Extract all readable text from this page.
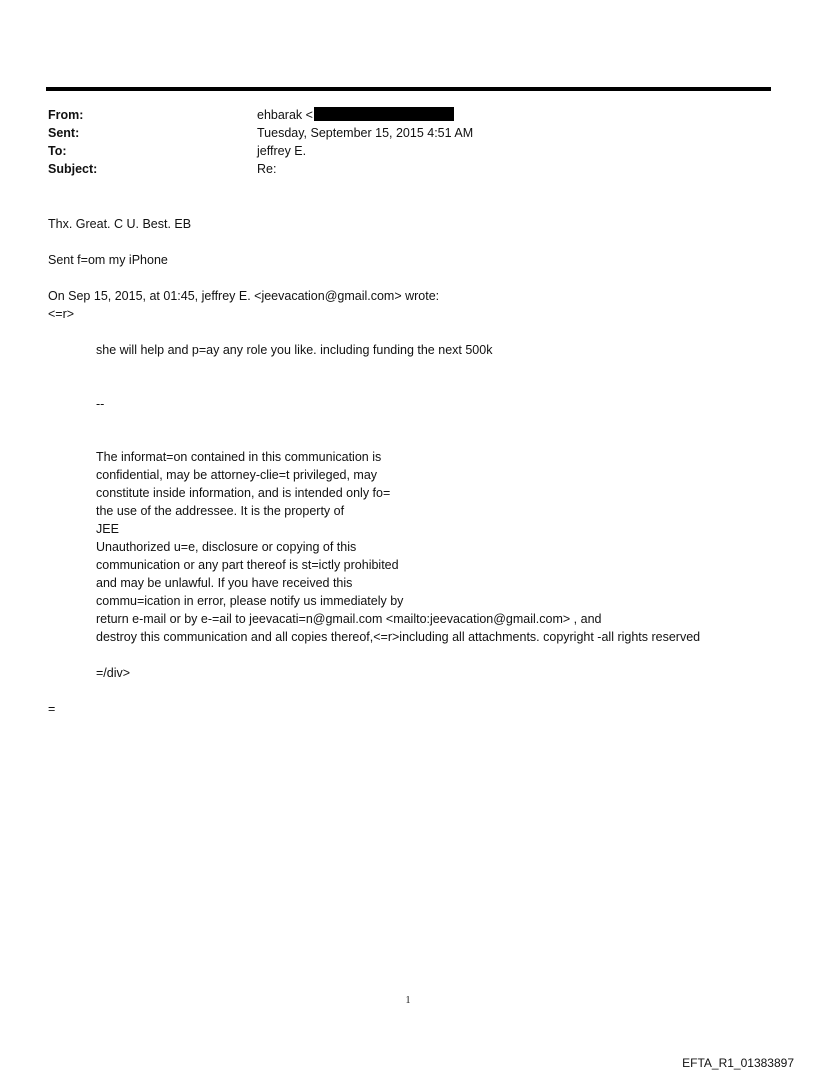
From:	ehbarak <
Sent:	Tuesday, September 15, 2015 4:51 AM
To:	jeffrey E.
Subject:	Re:
Thx. Great. C U. Best. EB
Sent f=om my iPhone
On Sep 15, 2015, at 01:45, jeffrey E. <jeevacation@gmail.com> wrote:
<=r>
she will help and p=ay any role you like. including funding the next 500k
--
The informat=on contained in this communication is
confidential, may be attorney-clie=t privileged, may
constitute inside information, and is intended only fo=
the use of the addressee. It is the property of
JEE
Unauthorized u=e, disclosure or copying of this
communication or any part thereof is st=ictly prohibited
and may be unlawful. If you have received this
commu=ication in error, please notify us immediately by
return e-mail or by e-=ail to jeevacati=n@gmail.com <mailto:jeevacation@gmail.com> , and
destroy this communication and all copies thereof,<=r>including all attachments. copyright -all rights reserved
=/div>
=
1
EFTA_R1_01383897
